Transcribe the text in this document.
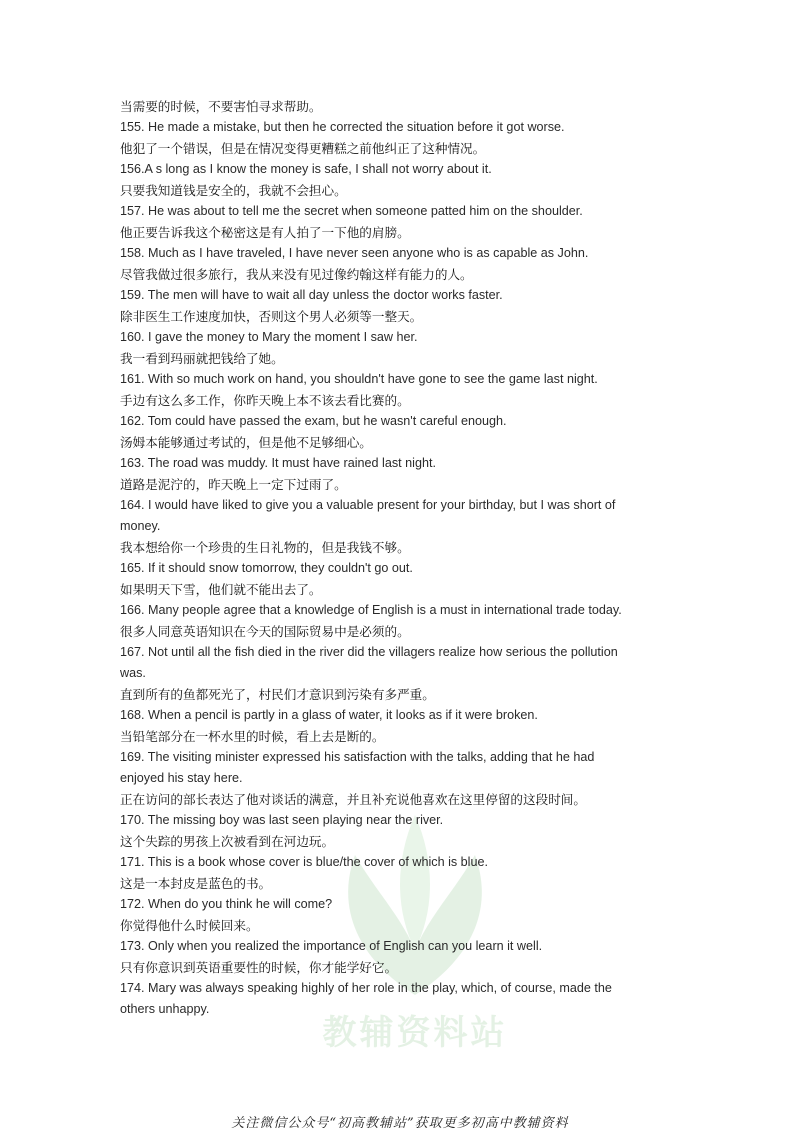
教辅资料站
当需要的时候，不要害怕寻求帮助。
155. He made a mistake, but then he corrected the situation before it got worse.
他犯了一个错误，但是在情况变得更糟糕之前他纠正了这种情况。
156.A s long as I know the money is safe, I shall not worry about it.
只要我知道钱是安全的，我就不会担心。
157. He was about to tell me the secret when someone patted him on the shoulder.
他正要告诉我这个秘密这是有人拍了一下他的肩膀。
158. Much as I have traveled, I have never seen anyone who is as capable as John.
尽管我做过很多旅行，我从来没有见过像约翰这样有能力的人。
159. The men will have to wait all day unless the doctor works faster.
除非医生工作速度加快，否则这个男人必须等一整天。
160. I gave the money to Mary the moment I saw her.
我一看到玛丽就把钱给了她。
161. With so much work on hand, you shouldn't have gone to see the game last night.
手边有这么多工作，你昨天晚上本不该去看比赛的。
162. Tom could have passed the exam, but he wasn't careful enough.
汤姆本能够通过考试的，但是他不足够细心。
163. The road was muddy. It must have rained last night.
道路是泥泞的，昨天晚上一定下过雨了。
164. I would have liked to give you a valuable present for your birthday, but I was short of
money.
我本想给你一个珍贵的生日礼物的，但是我钱不够。
165. If it should snow tomorrow, they couldn't go out.
如果明天下雪，他们就不能出去了。
166. Many people agree that a knowledge of English is a must in international trade today.
很多人同意英语知识在今天的国际贸易中是必须的。
167. Not until all the fish died in the river did the villagers realize how serious the pollution
was.
直到所有的鱼都死光了，村民们才意识到污染有多严重。
168. When a pencil is partly in a glass of water, it looks as if it were broken.
当铅笔部分在一杯水里的时候，看上去是断的。
169. The visiting minister expressed his satisfaction with the talks, adding that he had
enjoyed his stay here.
正在访问的部长表达了他对谈话的满意，并且补充说他喜欢在这里停留的这段时间。
170. The missing boy was last seen playing near the river.
这个失踪的男孩上次被看到在河边玩。
171. This is a book whose cover is blue/the cover of which is blue.
这是一本封皮是蓝色的书。
172. When do you think he will come?
你觉得他什么时候回来。
173. Only when you realized the importance of English can you learn it well.
只有你意识到英语重要性的时候，你才能学好它。
174. Mary was always speaking highly of her role in the play, which, of course, made the
others unhappy.
关注微信公众号“初高教辅站”获取更多初高中教辅资料
